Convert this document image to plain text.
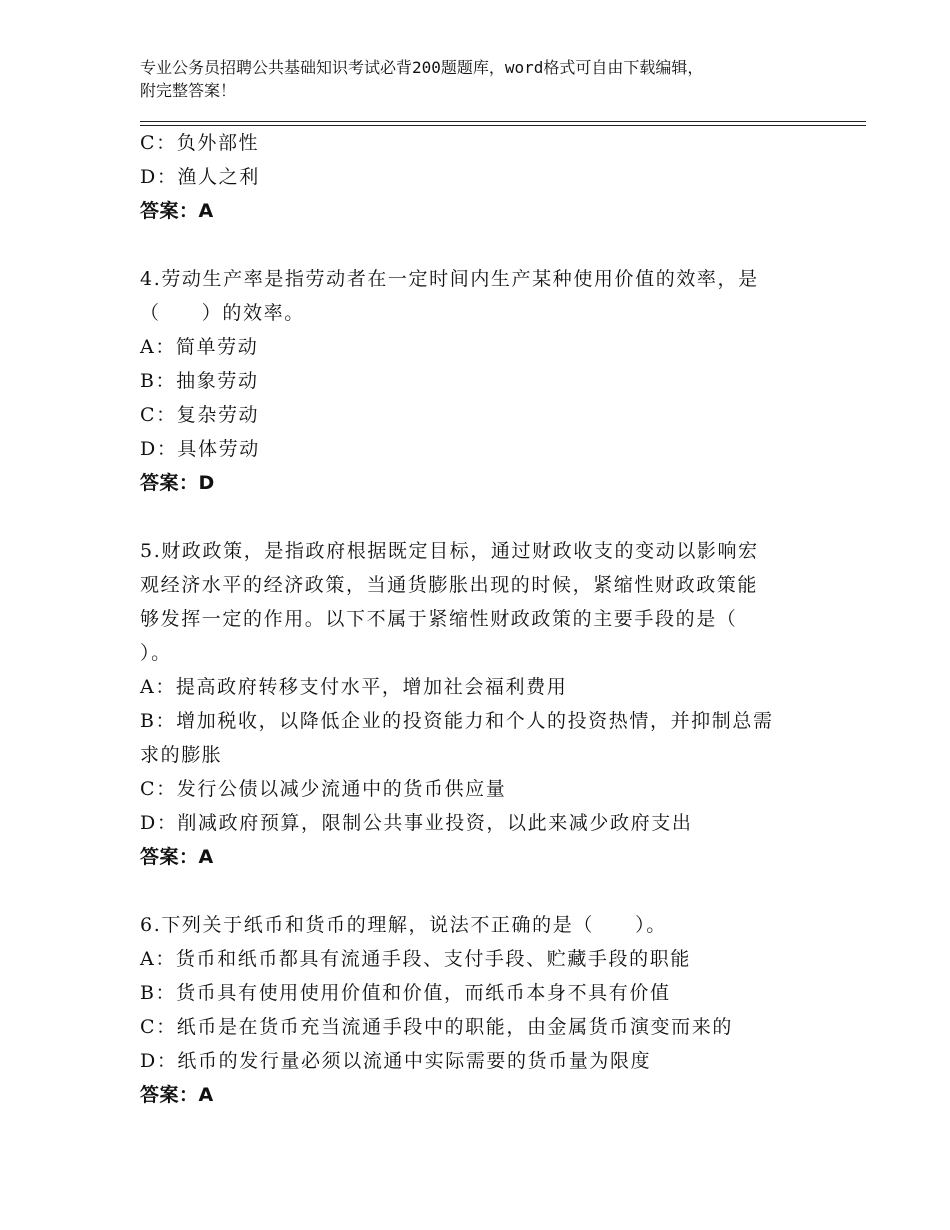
专业公务员招聘公共基础知识考试必背200题题库，word格式可自由下载编辑，
附完整答案！
C：负外部性
D：渔人之利
答案：A
4.劳动生产率是指劳动者在一定时间内生产某种使用价值的效率，是
（　　）的效率。
A：简单劳动
B：抽象劳动
C：复杂劳动
D：具体劳动
答案：D
5.财政政策，是指政府根据既定目标，通过财政收支的变动以影响宏
观经济水平的经济政策，当通货膨胀出现的时候，紧缩性财政政策能
够发挥一定的作用。以下不属于紧缩性财政政策的主要手段的是（
）。
A：提高政府转移支付水平，增加社会福利费用
B：增加税收，以降低企业的投资能力和个人的投资热情，并抑制总需
求的膨胀
C：发行公债以减少流通中的货币供应量
D：削减政府预算，限制公共事业投资，以此来减少政府支出
答案：A
6.下列关于纸币和货币的理解，说法不正确的是（　　）。
A：货币和纸币都具有流通手段、支付手段、贮藏手段的职能
B：货币具有使用使用价值和价值，而纸币本身不具有价值
C：纸币是在货币充当流通手段中的职能，由金属货币演变而来的
D：纸币的发行量必须以流通中实际需要的货币量为限度
答案：A
